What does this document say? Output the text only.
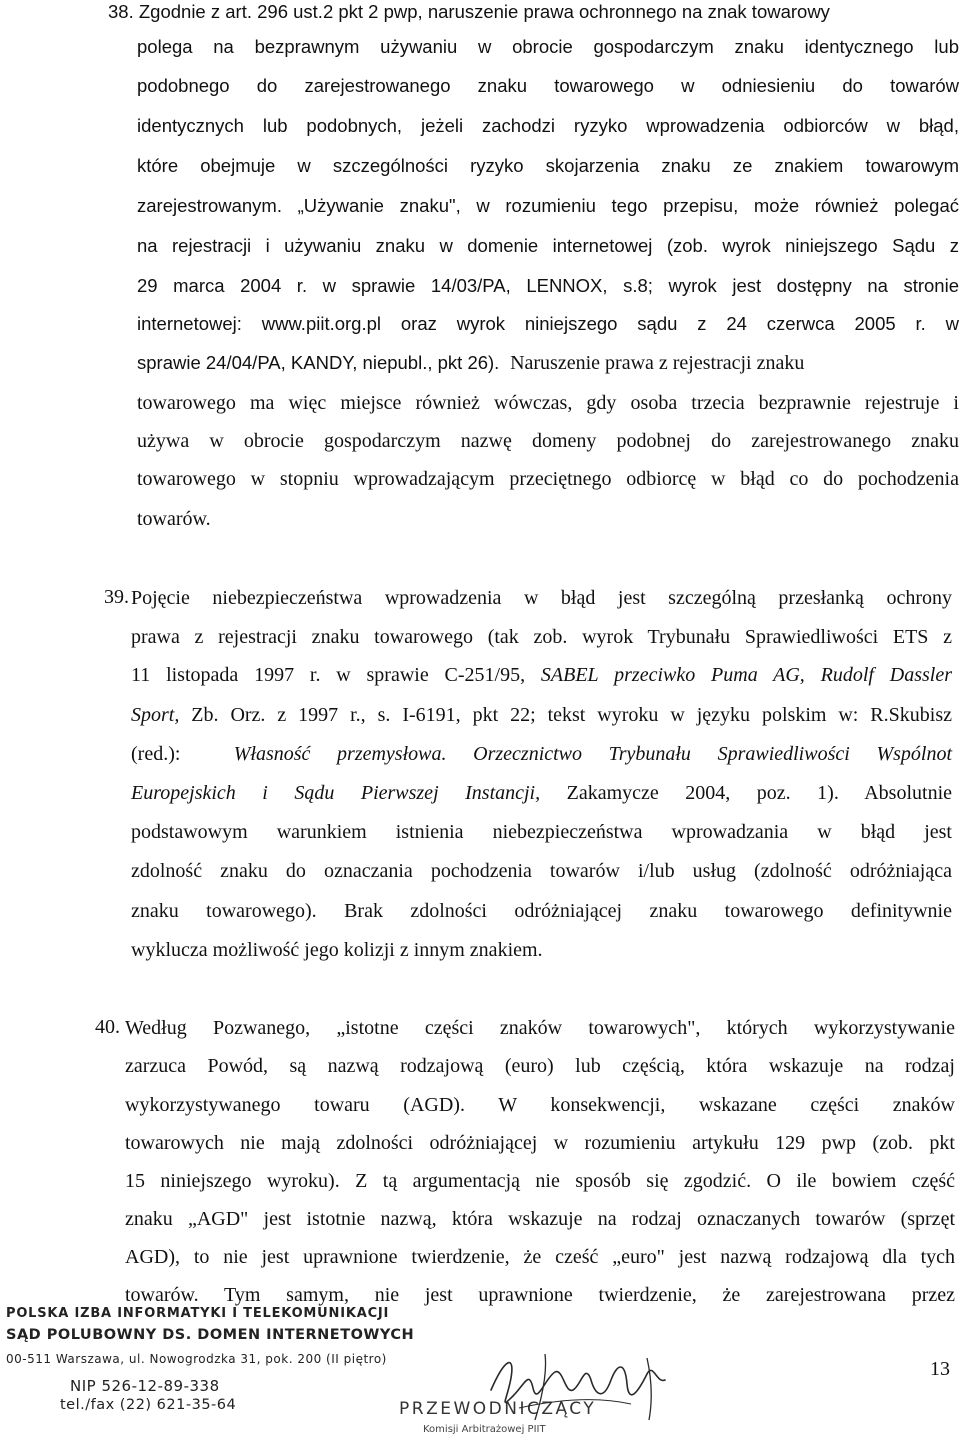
38. Zgodnie z art. 296 ust.2 pkt 2 pwp, naruszenie prawa ochronnego na znak towarowy

polega na bezprawnym używaniu w obrocie gospodarczym znaku identycznego lub

podobnego do zarejestrowanego znaku towarowego w odniesieniu do towarów

identycznych lub podobnych, jeżeli zachodzi ryzyko wprowadzenia odbiorców w błąd,

które obejmuje w szczególności ryzyko skojarzenia znaku ze znakiem towarowym

zarejestrowanym. „Używanie znaku", w rozumieniu tego przepisu, może również polegać

na rejestracji i używaniu znaku w domenie internetowej (zob. wyrok niniejszego Sądu z

29 marca 2004 r. w sprawie 14/03/PA, LENNOX, s.8; wyrok jest dostępny na stronie

internetowej: www.piit.org.pl oraz wyrok niniejszego sądu z 24 czerwca 2005 r. w

sprawie 24/04/PA, KANDY, niepubl., pkt 26). Naruszenie prawa z rejestracji znaku

towarowego ma więc miejsce również wówczas, gdy osoba trzecia bezprawnie rejestruje i

używa w obrocie gospodarczym nazwę domeny podobnej do zarejestrowanego znaku

towarowego w stopniu wprowadzającym przeciętnego odbiorcę w błąd co do pochodzenia

towarów.

39. Pojęcie niebezpieczeństwa wprowadzenia w błąd jest szczególną przesłanką ochrony

prawa z rejestracji znaku towarowego (tak zob. wyrok Trybunału Sprawiedliwości ETS z

11 listopada 1997 r. w sprawie C-251/95, SABEL przeciwko Puma AG, Rudolf Dassler

Sport, Zb. Orz. z 1997 r., s. I-6191, pkt 22; tekst wyroku w języku polskim w: R.Skubisz

(red.):	Własność przemysłowa. Orzecznictwo Trybunału Sprawiedliwości Wspólnot

Europejskich i Sądu Pierwszej Instancji, Zakamycze 2004, poz. 1). Absolutnie

podstawowym warunkiem istnienia niebezpieczeństwa wprowadzania w błąd jest

zdolność znaku do oznaczania pochodzenia towarów i/lub usług (zdolność odróżniająca

znaku towarowego). Brak zdolności odróżniającej znaku towarowego definitywnie

wyklucza możliwość jego kolizji z innym znakiem.

40. Według Pozwanego, „istotne części znaków towarowych", których wykorzystywanie

zarzuca Powód, są nazwą rodzajową (euro) lub częścią, która wskazuje na rodzaj

wykorzystywanego towaru (AGD). W konsekwencji, wskazane części znaków

towarowych nie mają zdolności odróżniającej w rozumieniu artykułu 129 pwp (zob. pkt

15 niniejszego wyroku). Z tą argumentacją nie sposób się zgodzić. O ile bowiem część

znaku „AGD" jest istotnie nazwą, która wskazuje na rodzaj oznaczanych towarów (sprzęt

AGD), to nie jest uprawnione twierdzenie, że cześć „euro" jest nazwą rodzajową dla tych

towarów. Tym samym, nie jest uprawnione twierdzenie, że zarejestrowana przez

POLSKA IZBA INFORMATYKI I TELEKOMUNIKACJI
SĄD POLUBOWNY DS. DOMEN INTERNETOWYCH
00-511 Warszawa, ul. Nowogrodzka 31, pok. 200 (II piętro)
NIP 526-12-89-338
tel./fax (22) 621-35-64	PRZEWODNICZĄCY
Komisji Arbitrażowej PIIT
13
